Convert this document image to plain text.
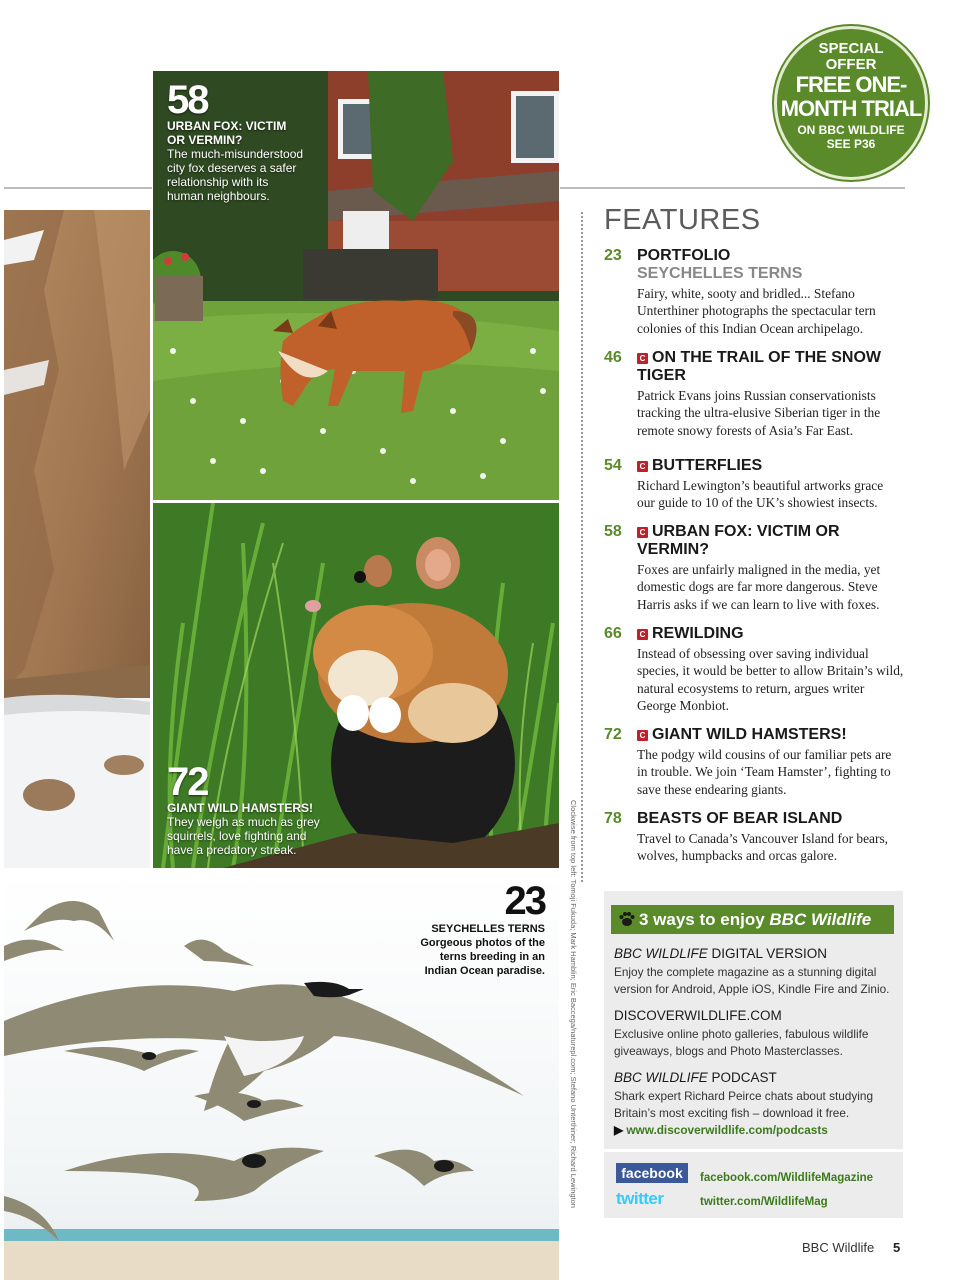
58
URBAN FOX: VICTIM
OR VERMIN?
The much-misunderstood
city fox deserves a safer
relationship with its
human neighbours.
72
GIANT WILD HAMSTERS!
They weigh as much as grey
squirrels, love fighting and
have a predatory streak.
23
SEYCHELLES TERNS
Gorgeous photos of the
terns breeding in an
Indian Ocean paradise.	Clockwise from top left: Tomoji Fukuda; Mark Hamblin; Eric Baccega/naturepl.com; Stefano Unterthiner; Richard Lewington
SPECIAL
OFFER
FREE ONE-
MONTH TRIAL
ON BBC WILDLIFE
SEE P36
FEATURES
23 PORTFOLIO
SEYCHELLES TERNS
Fairy, white, sooty and bridled... Stefano Unterthiner photographs the spectacular tern colonies of this Indian Ocean archipelago.
46	C ON THE TRAIL OF THE SNOW TIGER
Patrick Evans joins Russian conservationists tracking the ultra-elusive Siberian tiger in the remote snowy forests of Asia’s Far East.
54	C BUTTERFLIES
Richard Lewington’s beautiful artworks grace our guide to 10 of the UK’s showiest insects.
58	C URBAN FOX: VICTIM OR VERMIN?
Foxes are unfairly maligned in the media, yet domestic dogs are far more dangerous. Steve Harris asks if we can learn to live with foxes.
66	C REWILDING
Instead of obsessing over saving individual species, it would be better to allow Britain’s wild, natural ecosystems to return, argues writer George Monbiot.
72	C GIANT WILD HAMSTERS!
The podgy wild cousins of our familiar pets are in trouble. We join ‘Team Hamster’, fighting to save these endearing giants.
78 BEASTS OF BEAR ISLAND
Travel to Canada’s Vancouver Island for bears, wolves, humpbacks and orcas galore.
3 ways to enjoy BBC Wildlife
BBC WILDLIFE DIGITAL VERSION
Enjoy the complete magazine as a stunning digital version for Android, Apple iOS, Kindle Fire and Zinio.
DISCOVERWILDLIFE.COM
Exclusive online photo galleries, fabulous wildlife giveaways, blogs and Photo Masterclasses.
BBC WILDLIFE PODCAST
Shark expert Richard Peirce chats about studying Britain’s most exciting fish – download it free.
▶ www.discoverwildlife.com/podcasts
facebook	facebook.com/WildlifeMagazine
twitter	twitter.com/WildlifeMag
BBC Wildlife 5
